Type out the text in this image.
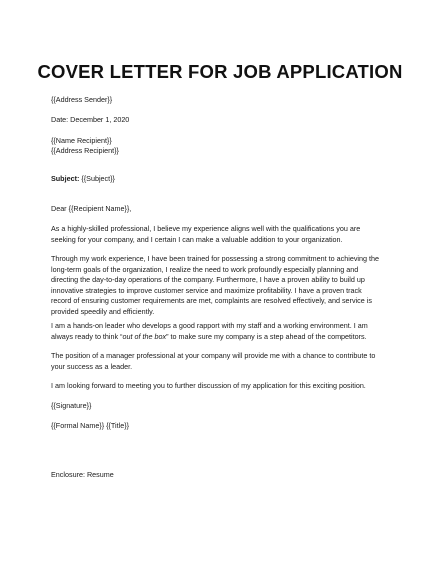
COVER LETTER FOR JOB APPLICATION
{{Address Sender}}
Date: December 1, 2020
{{Name Recipient}}
{{Address Recipient}}
Subject: {{Subject}}
Dear {{Recipient Name}},
As a highly-skilled professional, I believe my experience aligns well with the qualifications you are
seeking for your company, and I certain I can make a valuable addition to your organization.
Through my work experience, I have been trained for possessing a strong commitment to achieving the
long-term goals of the organization, I realize the need to work profoundly especially planning and
directing the day-to-day operations of the company. Furthermore, I have a proven ability to build up
innovative strategies to improve customer service and maximize profitability. I have a proven track
record of ensuring customer requirements are met, complaints are resolved effectively, and service is
provided speedily and efficiently.
I am a hands-on leader who develops a good rapport with my staff and a working environment. I am
always ready to think “out of the box” to make sure my company is a step ahead of the competitors.
The position of a manager professional at your company will provide me with a chance to contribute to
your success as a leader.
I am looking forward to meeting you to further discussion of my application for this exciting position.
{{Signature}}
{{Formal Name}} {{Title}}
Enclosure: Resume
